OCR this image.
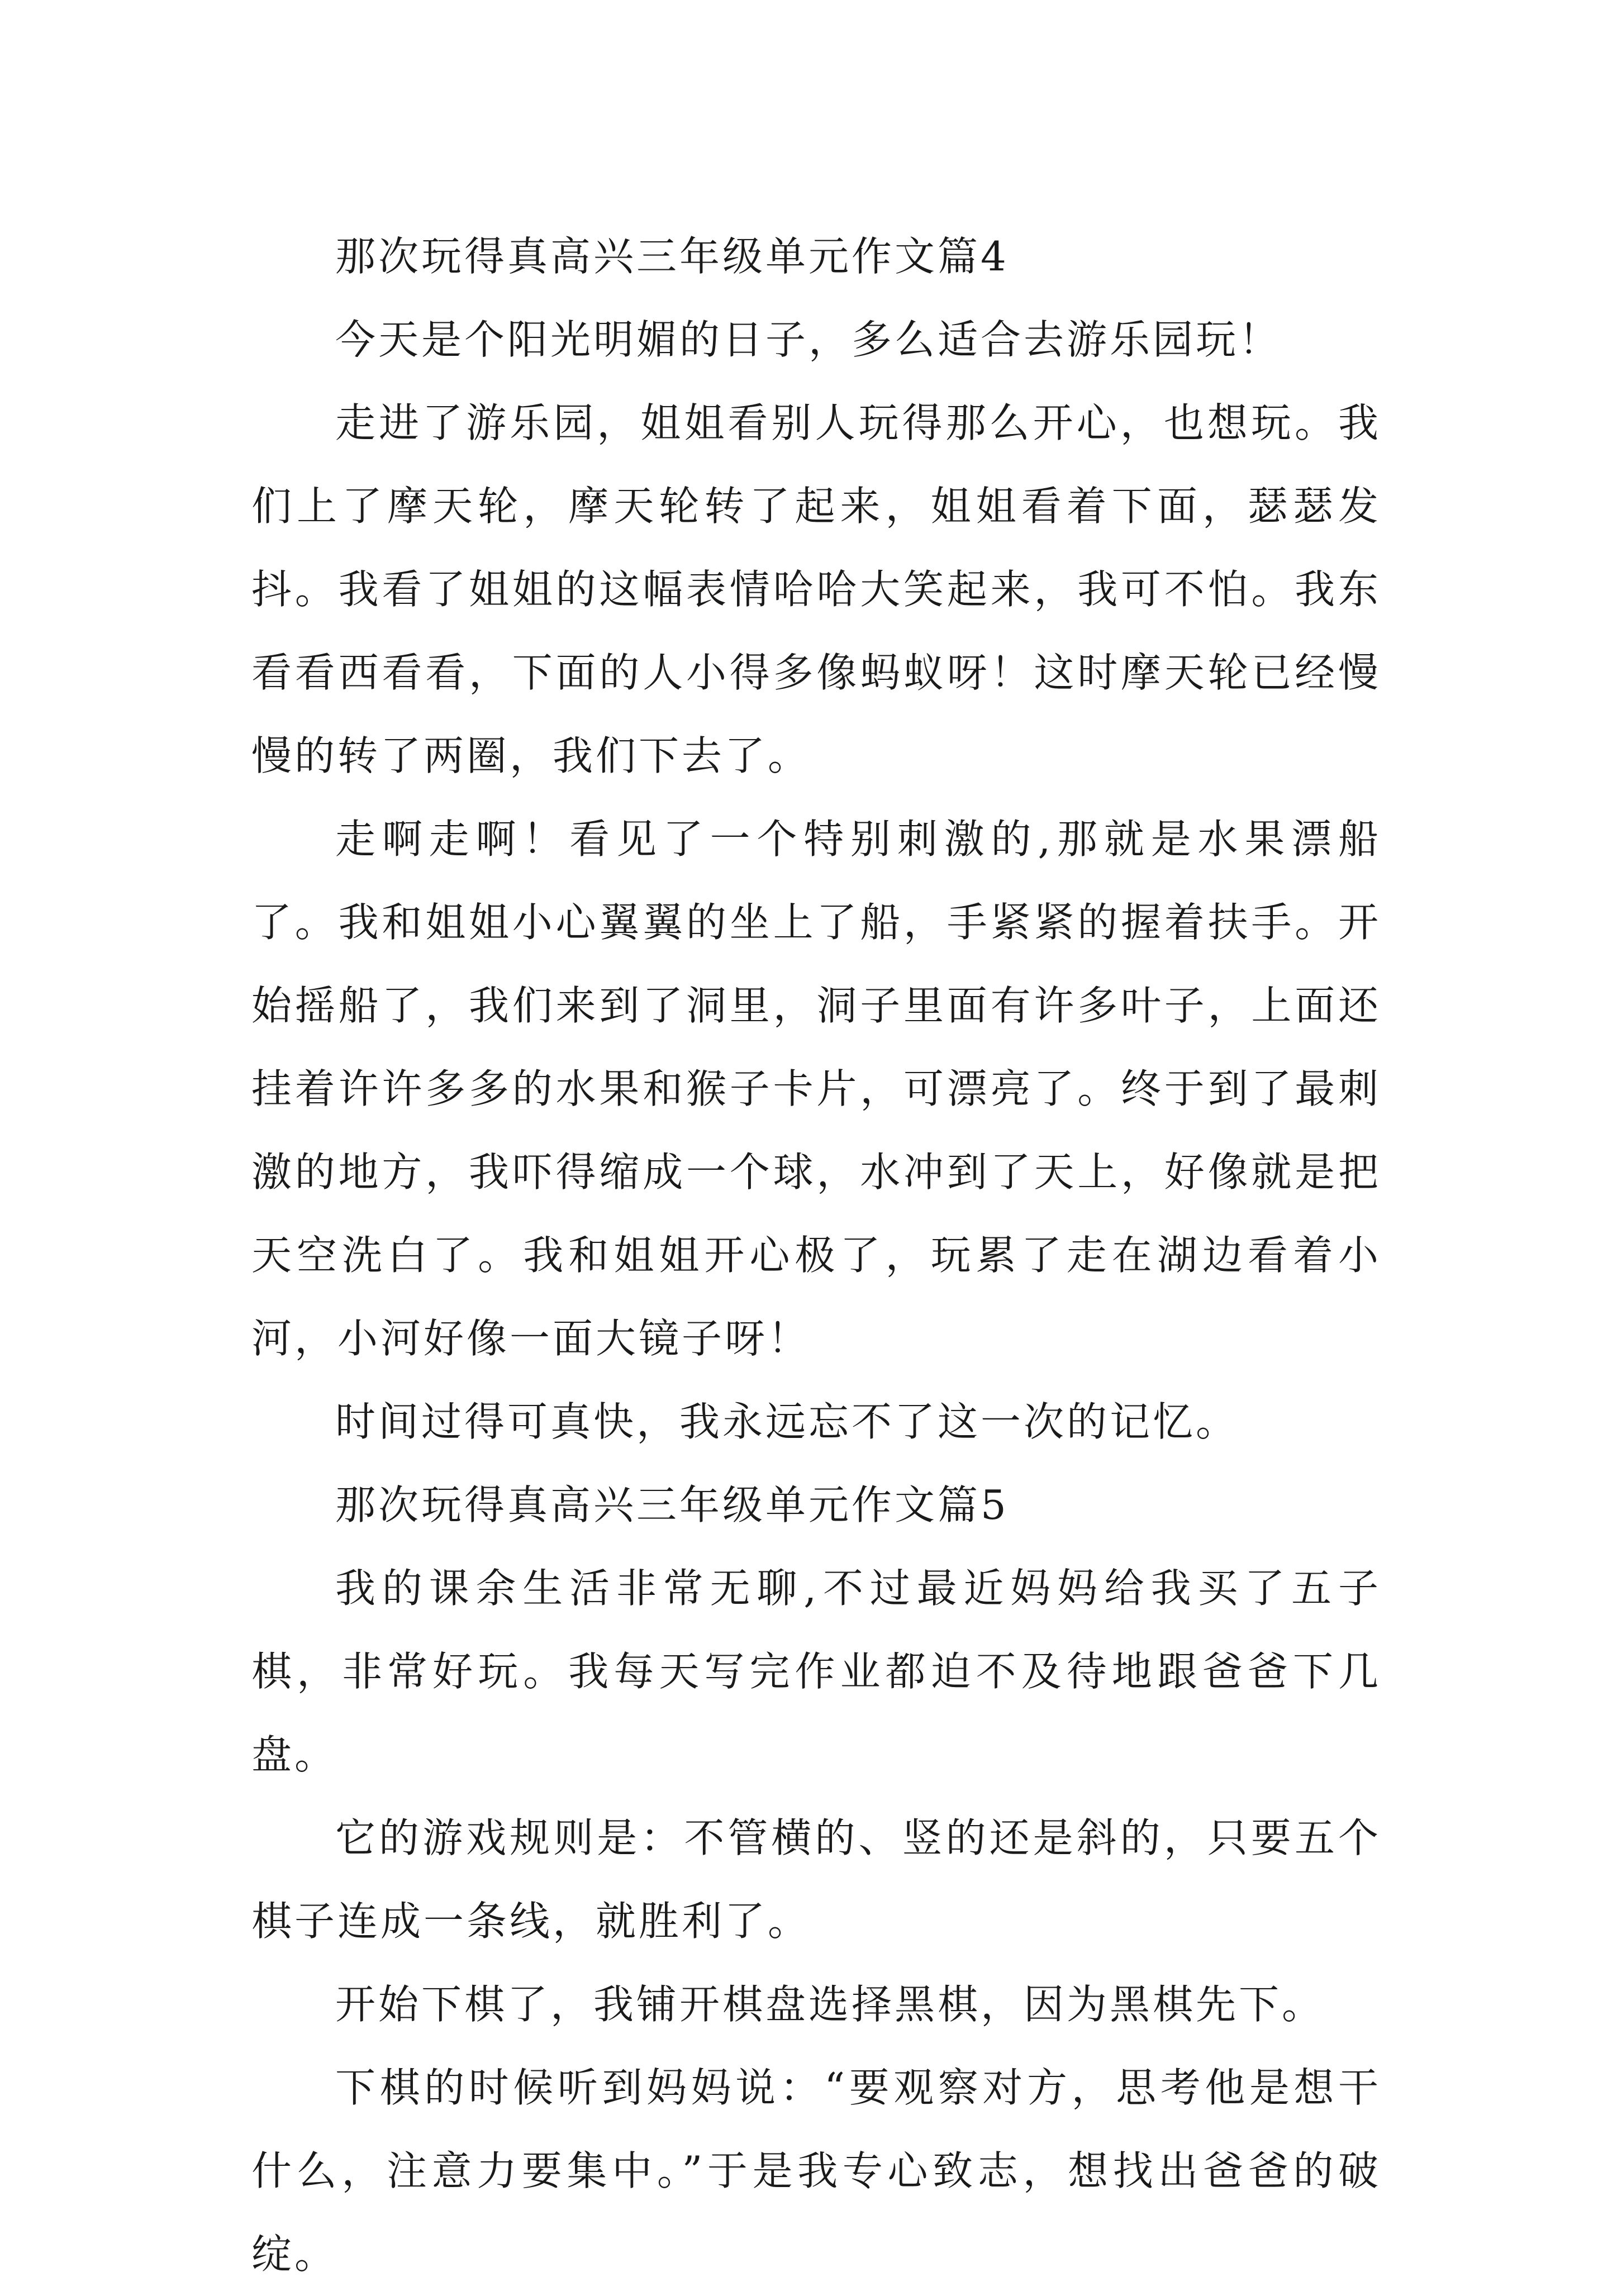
那次玩得真高兴三年级单元作文篇4

今天是个阳光明媚的日子，多么适合去游乐园玩！

走进了游乐园，姐姐看别人玩得那么开心，也想玩。我们上了摩天轮，摩天轮转了起来，姐姐看着下面，瑟瑟发抖。我看了姐姐的这幅表情哈哈大笑起来，我可不怕。我东看看西看看，下面的人小得多像蚂蚁呀！这时摩天轮已经慢慢的转了两圈，我们下去了。

走啊走啊！看见了一个特别刺激的,那就是水果漂船了。我和姐姐小心翼翼的坐上了船，手紧紧的握着扶手。开始摇船了，我们来到了洞里，洞子里面有许多叶子，上面还挂着许许多多的水果和猴子卡片，可漂亮了。终于到了最刺激的地方，我吓得缩成一个球，水冲到了天上，好像就是把天空洗白了。我和姐姐开心极了，玩累了走在湖边看着小河，小河好像一面大镜子呀！

时间过得可真快，我永远忘不了这一次的记忆。

那次玩得真高兴三年级单元作文篇5

我的课余生活非常无聊,不过最近妈妈给我买了五子棋，非常好玩。我每天写完作业都迫不及待地跟爸爸下几盘。

它的游戏规则是：不管横的、竖的还是斜的，只要五个棋子连成一条线，就胜利了。

开始下棋了，我铺开棋盘选择黑棋，因为黑棋先下。

下棋的时候听到妈妈说：“要观察对方，思考他是想干什么，注意力要集中。”于是我专心致志，想找出爸爸的破绽。
